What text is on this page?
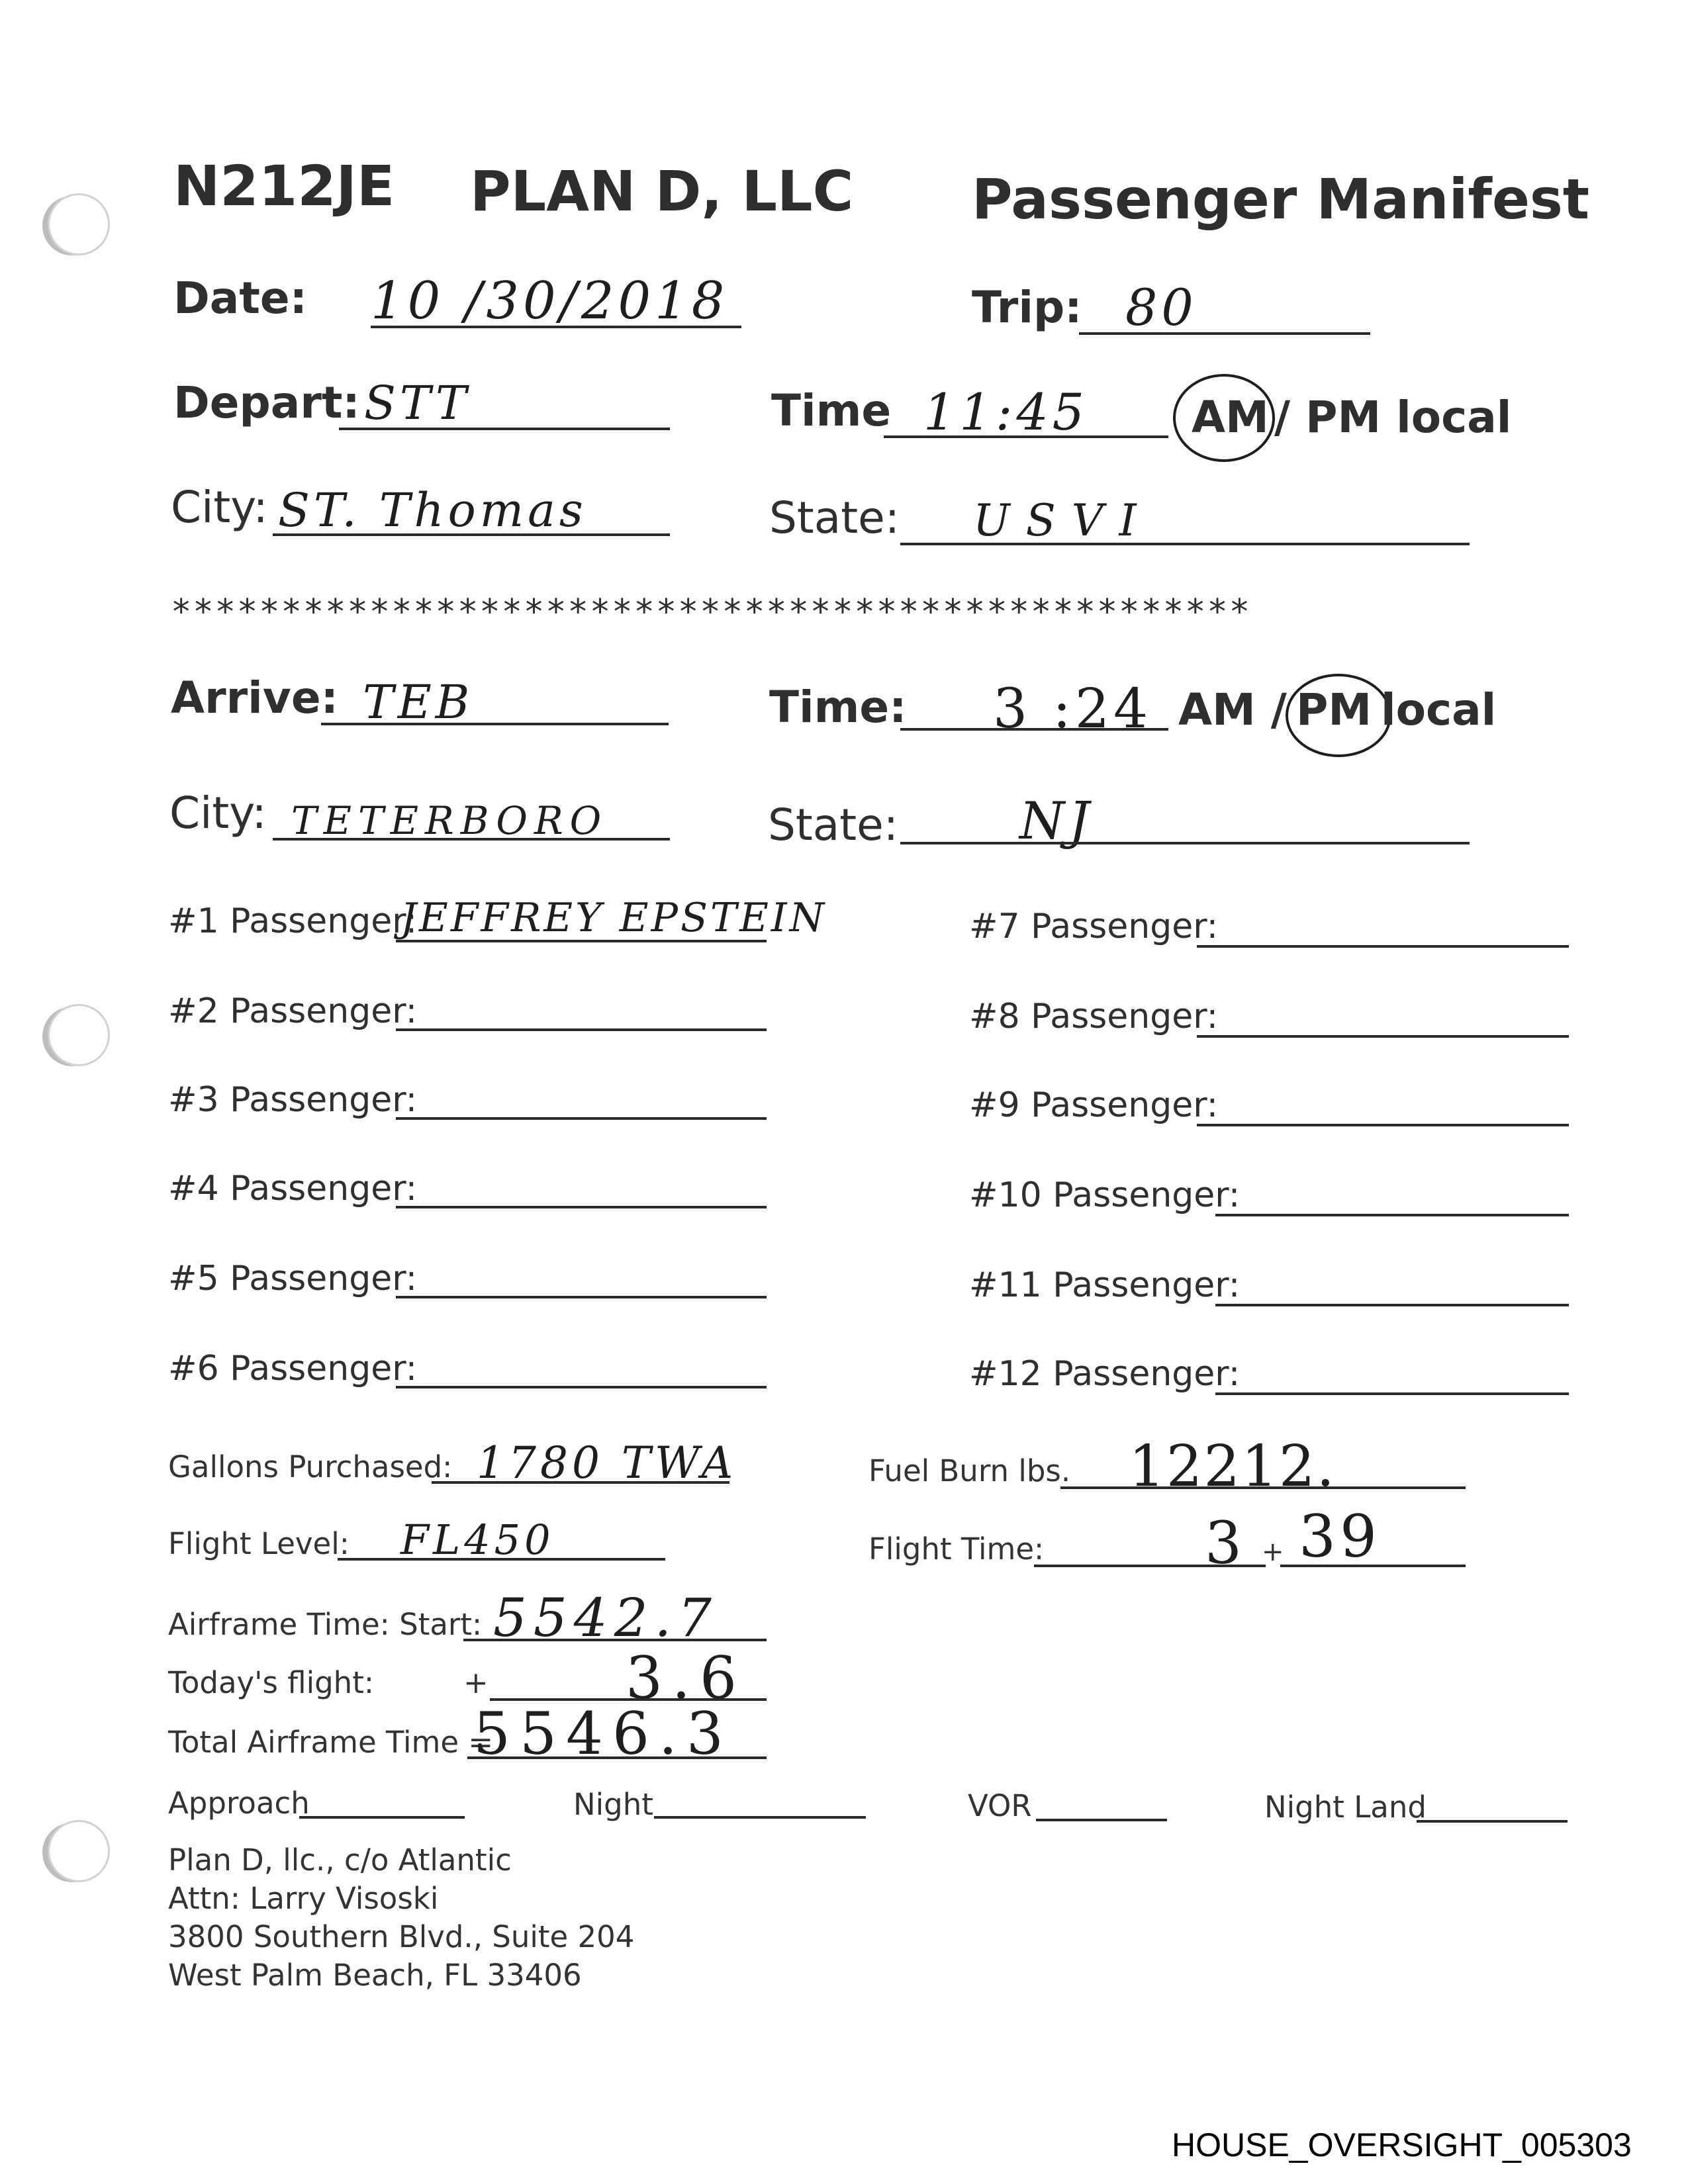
N212JE PLAN D, LLC Passenger Manifest
Date: 10 /30/2018	Trip: 80
Depart: STT	Time 11:45 AM / PM local
City: ST. Thomas	State: USVI
*************************************************
Arrive: TEB	Time: 3 :24 AM / PM local
City: TETERBORO	State: NJ
#1 Passenger:
JEFFREY EPSTEIN
#2 Passenger:
#3 Passenger:
#4 Passenger:
#5 Passenger:
#6 Passenger:
#7 Passenger:
#8 Passenger:
#9 Passenger:
#10 Passenger:
#11 Passenger:
#12 Passenger:
Gallons Purchased: 1780 TWA	Fuel Burn lbs. 12212.
Flight Level: FL450	Flight Time:	3 + 39
Airframe Time: Start: 5542.7
Today's flight:	+ 3.6
Total Airframe Time =
5546.3
Approach	Night	VOR	Night Land
Plan D, llc., c/o Atlantic
Attn: Larry Visoski
3800 Southern Blvd., Suite 204
West Palm Beach, FL 33406
HOUSE_OVERSIGHT_005303
